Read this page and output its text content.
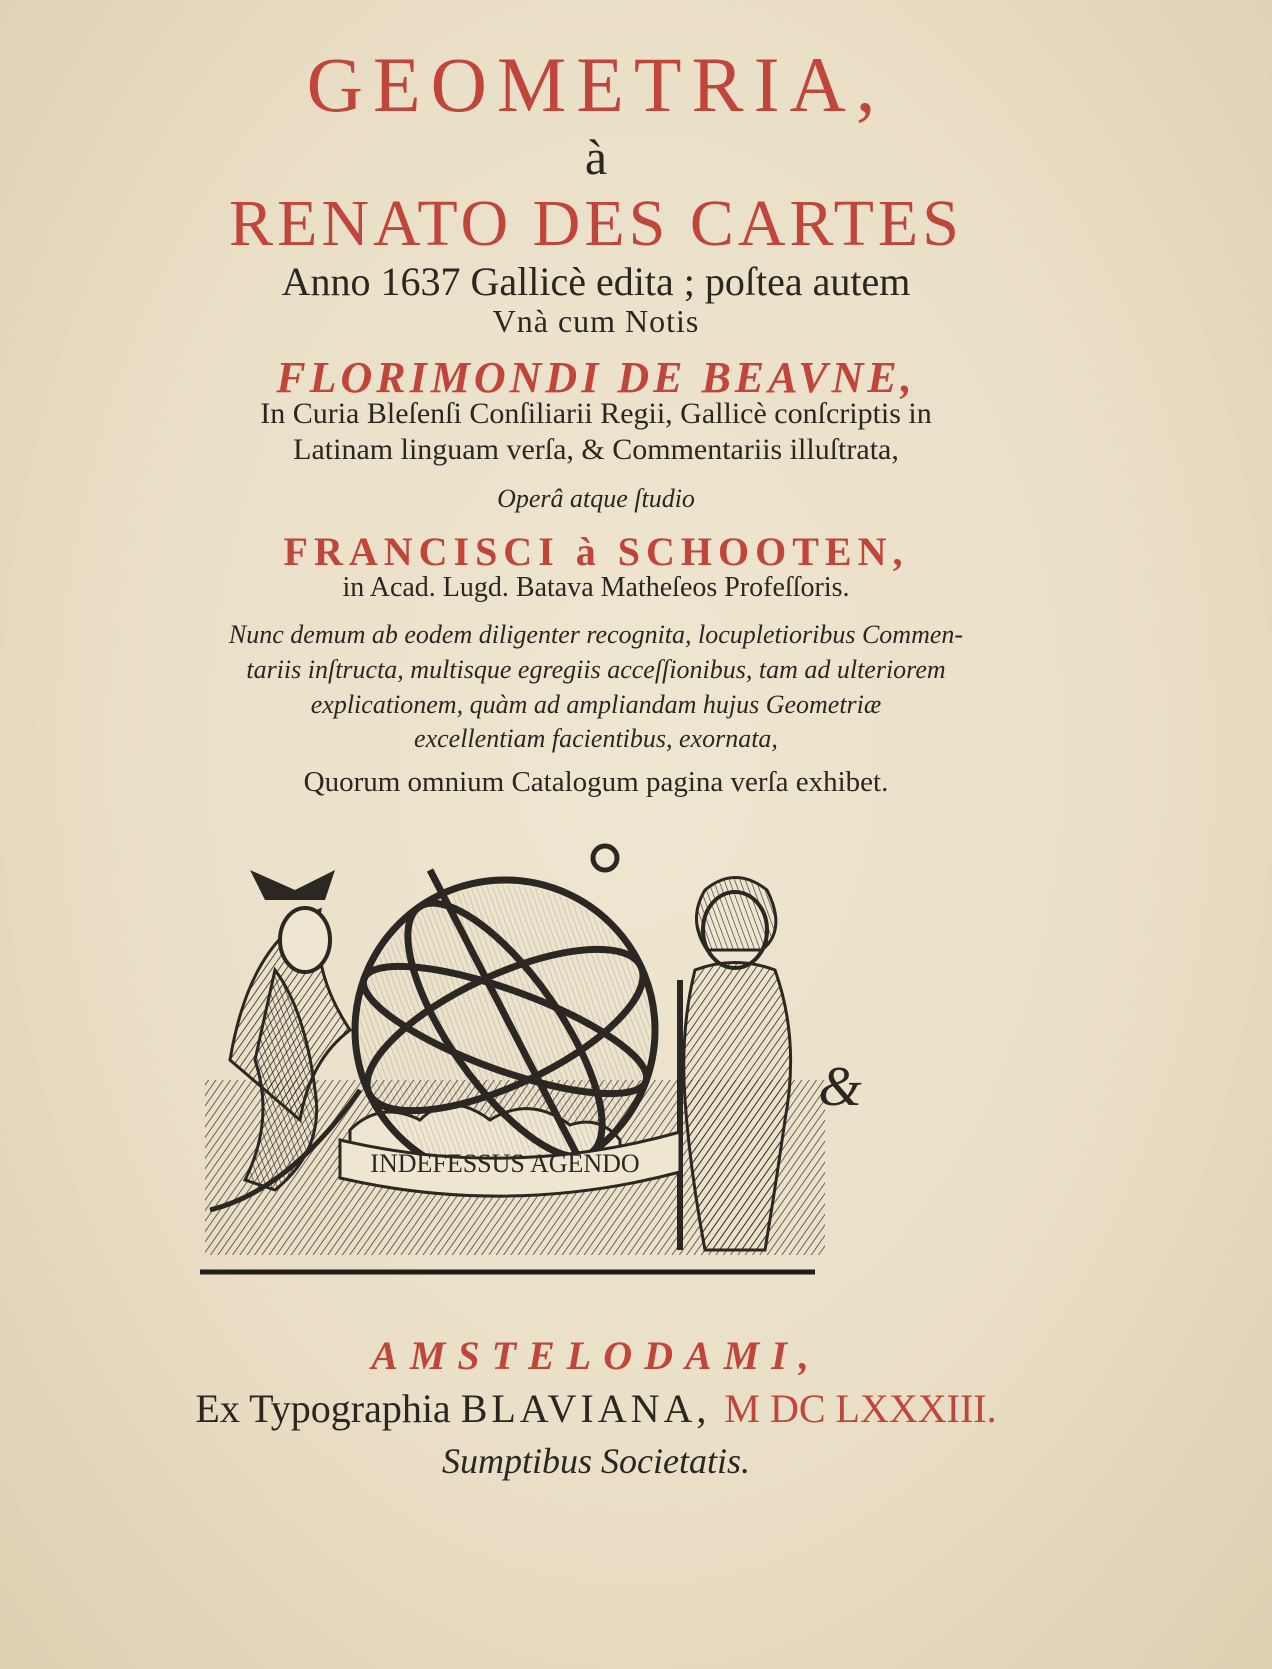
GEOMETRIA,

à

RENATO DES CARTES

Anno 1637 Gallicè edita ; poſtea autem

Vnà cum Notis

FLORIMONDI DE BEAVNE,

In Curia Bleſenſi Conſiliarii Regii, Gallicè conſcriptis in

Latinam linguam verſa, & Commentariis illuſtrata,

Operâ atque ſtudio

FRANCISCI à SCHOOTEN,

in Acad. Lugd. Batava Matheſeos Profeſſoris.

Nunc demum ab eodem diligenter recognita, locupletioribus Commen-

tariis inſtructa, multisque egregiis acceſſionibus, tam ad ulteriorem

explicationem, quàm ad ampliandam hujus Geometriæ

excellentiam facientibus, exornata,

Quorum omnium Catalogum pagina verſa exhibet.

INDEFESSUS AGENDO
&

AMSTELODAMI,

Ex Typographia BLAVIANA, M DC LXXXIII.

Sumptibus Societatis.
